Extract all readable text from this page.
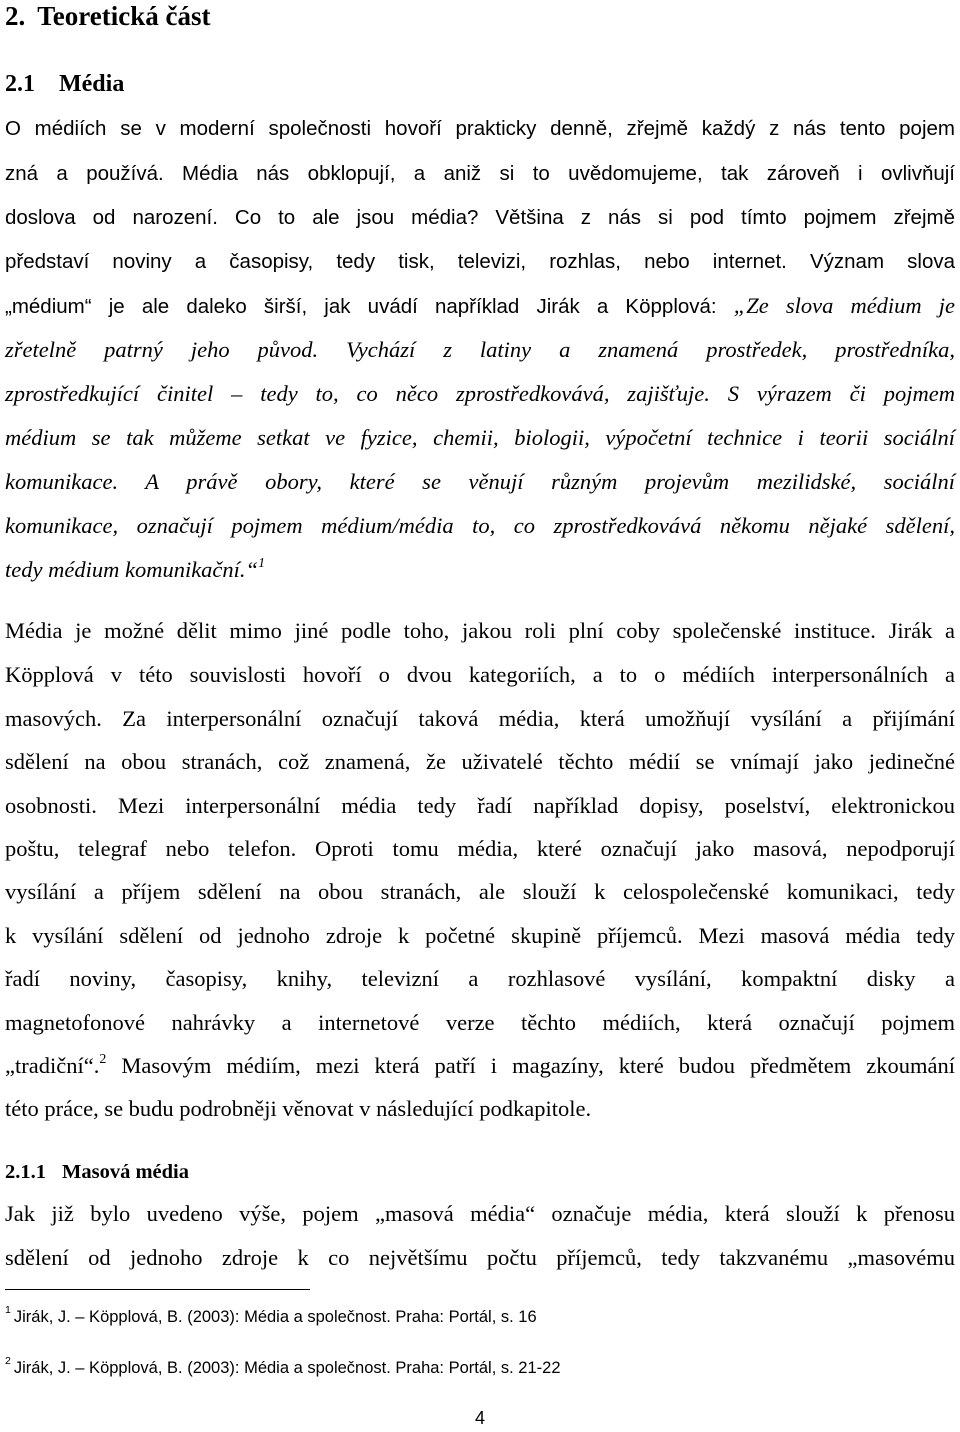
2. Teoretická část
2.1 Média
O médiích se v moderní společnosti hovoří prakticky denně, zřejmě každý z nás tento pojem
zná a používá. Média nás obklopují, a aniž si to uvědomujeme, tak zároveň i ovlivňují
doslova od narození. Co to ale jsou média? Většina z nás si pod tímto pojmem zřejmě
představí noviny a časopisy, tedy tisk, televizi, rozhlas, nebo internet. Význam slova
„médium“ je ale daleko širší, jak uvádí například Jirák a Köpplová: „Ze slova médium je
zřetelně patrný jeho původ. Vychází z latiny a znamená prostředek, prostředníka,
zprostředkující činitel – tedy to, co něco zprostředkovává, zajišťuje. S výrazem či pojmem
médium se tak můžeme setkat ve fyzice, chemii, biologii, výpočetní technice i teorii sociální
komunikace. A právě obory, které se věnují různým projevům mezilidské, sociální
komunikace, označují pojmem médium/média to, co zprostředkovává někomu nějaké sdělení,
tedy médium komunikační.“$^1$
Média je možné dělit mimo jiné podle toho, jakou roli plní coby společenské instituce. Jirák a
Köpplová v této souvislosti hovoří o dvou kategoriích, a to o médiích interpersonálních a
masových. Za interpersonální označují taková média, která umožňují vysílání a přijímání
sdělení na obou stranách, což znamená, že uživatelé těchto médií se vnímají jako jedinečné
osobnosti. Mezi interpersonální média tedy řadí například dopisy, poselství, elektronickou
poštu, telegraf nebo telefon. Oproti tomu média, které označují jako masová, nepodporují
vysílání a příjem sdělení na obou stranách, ale slouží k celospolečenské komunikaci, tedy
k vysílání sdělení od jednoho zdroje k početné skupině příjemců. Mezi masová média tedy
řadí noviny, časopisy, knihy, televizní a rozhlasové vysílání, kompaktní disky a
magnetofonové nahrávky a internetové verze těchto médiích, která označují pojmem
„tradiční“.$^2$ Masovým médiím, mezi která patří i magazíny, které budou předmětem zkoumání
této práce, se budu podrobněji věnovat v následující podkapitole.
2.1.1 Masová média
Jak již bylo uvedeno výše, pojem „masová média“ označuje média, která slouží k přenosu
sdělení od jednoho zdroje k co největšímu počtu příjemců, tedy takzvanému „masovému
$^1$ Jirák, J. – Köpplová, B. (2003): Média a společnost. Praha: Portál, s. 16
$^2$ Jirák, J. – Köpplová, B. (2003): Média a společnost. Praha: Portál, s. 21-22
4
